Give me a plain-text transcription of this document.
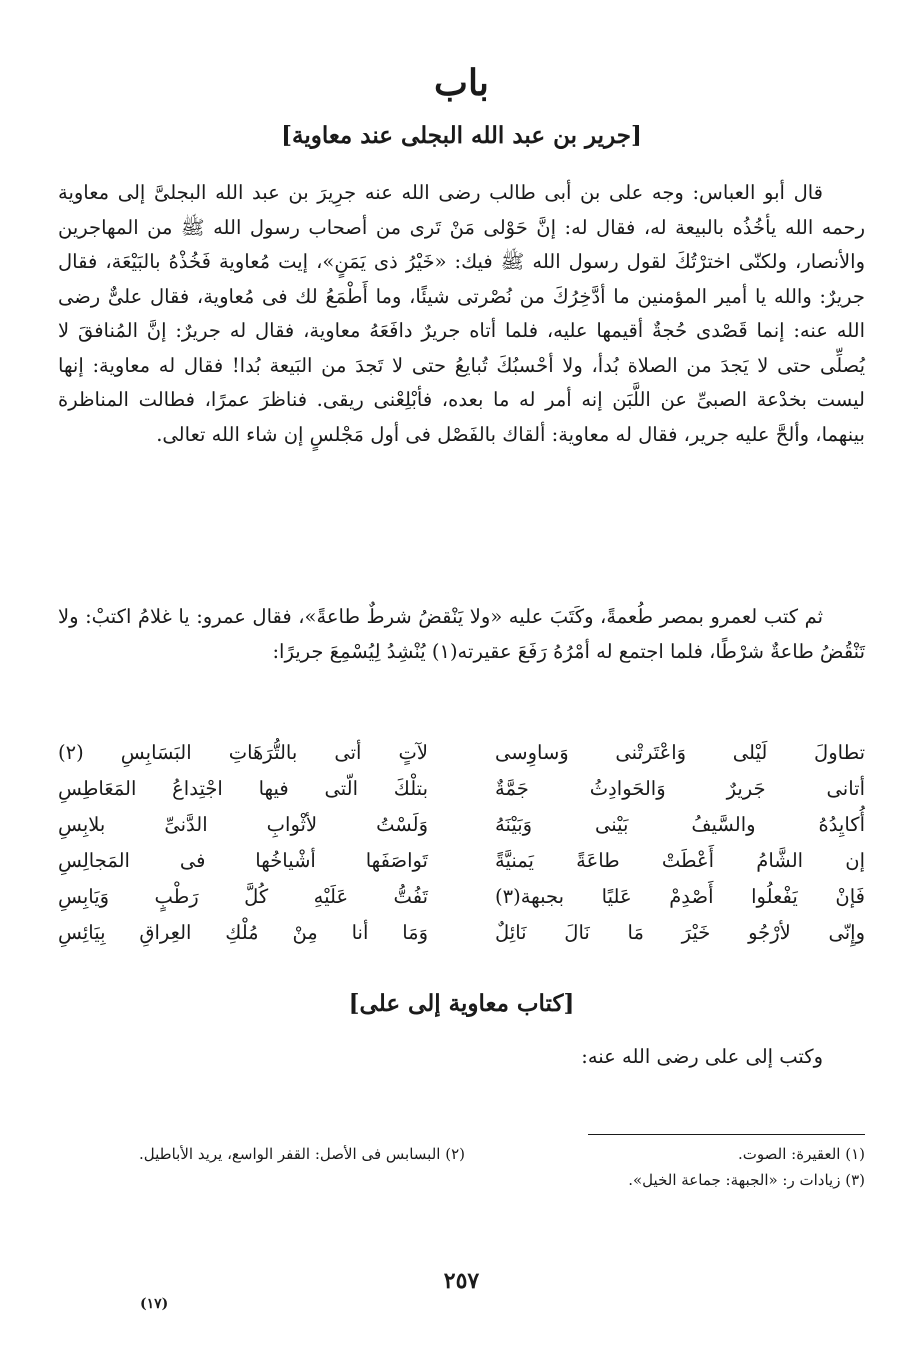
باب
[جرير بن عبد الله البجلى عند معاوية]

قال أبو العباس: وجه على بن أبى طالب رضى الله عنه جرِيرَ بن عبد الله البجلىَّ إلى معاوية رحمه الله يأخُذُه بالبيعة له، فقال له: إنَّ حَوْلى مَنْ تَرى من أصحاب رسول الله ﷺ من المهاجرين والأنصار، ولكنّى اخترْتُكَ لقول رسول الله ﷺ فيك: «خَيْرُ ذى يَمَنٍ»، إيت مُعاوية فَخُذْهُ بالبَيْعَة، فقال جريرٌ: والله يا أمير المؤمنين ما أدَّخِرُكَ من نُصْرتى شيئًا، وما أَطْمَعُ لك فى مُعاوية، فقال علىٌّ رضى الله عنه: إنما قَصْدى حُجةٌ أقيمها عليه، فلما أتاه جريرٌ دافَعَهُ معاوية، فقال له جريرٌ: إنَّ المُنافقَ لا يُصلِّى حتى لا يَجدَ من الصلاة بُدأ، ولا أحْسبُكَ تُبايعُ حتى لا تَجدَ من البَيعة بُدا! فقال له معاوية: إنها ليست بخدْعة الصبىِّ عن اللَّبَن إنه أمر له ما بعده، فأبْلِعْنى ريقى. فناظرَ عمرًا، فطالت المناظرة بينهما، وألحَّ عليه جرير، فقال له معاوية: ألقاك بالفَصْل فى أول مَجْلسٍ إن شاء الله تعالى.

ثم كتب لعمرو بمصر طُعمةً، وكَتَبَ عليه «ولا يَنْقضُ شرطٌ طاعةً»، فقال عمرو: يا غلامُ اكتبْ: ولا تَنْقُضُ طاعةٌ شرْطًا، فلما اجتمع له أمْرُهُ رَفَعَ عقيرته(١) يُنْشِدُ لِيُسْمِعَ جريرًا:

تطاولَ لَيْلى وَاعْتَرتْنى وَساوِسى
لآتٍ أتى بالتُّرَهَاتِ البَسَابِسِ (٢)
أتانى جَريرٌ وَالحَوادِثُ جَمَّةٌ
بتلْكَ الّتى فيها اجْتِداعُ المَعَاطِسِ
أُكايِدُهُ والسَّيفُ بَيْنى وَبَيْنَهُ
وَلَسْتُ لأثْوابِ الدَّنىِّ بلابِسِ
إن الشَّامُ أَعْطَتْ طاعَةً يَمنيَّةً
تَواصَفَها أشْياخُها فى المَجالِسِ
فَإنْ يَفْعلُوا أَصْدِمْ عَليًا بجبهة(٣)
تَفُتُّ عَلَيْهِ كُلَّ رَطْبٍ وَيَابِسِ
وإِنّى لأرْجُو خَيْرَ مَا نَالَ نَائِلٌ
وَمَا أنا مِنْ مُلْكِ العِراقِ بِيَائِسِ
[كتاب معاوية إلى على]

وكتب إلى على رضى الله عنه:

(١) العقيرة: الصوت.
(٣) زيادات ر: «الجبهة: جماعة الخيل».
(٢) البسابس فى الأصل: القفر الواسع، يريد الأباطيل.
٢٥٧
(١٧)
